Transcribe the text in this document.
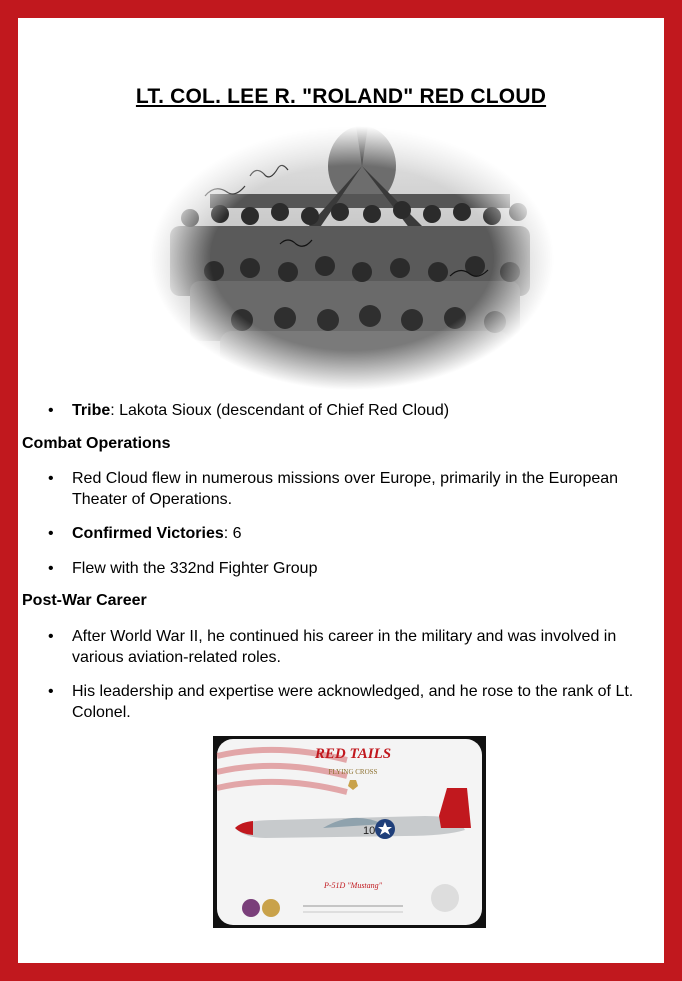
LT. COL. LEE R. "ROLAND" RED CLOUD
• Tribe: Lakota Sioux (descendant of Chief Red Cloud)
Combat Operations
• Red Cloud flew in numerous missions over Europe, primarily in the European Theater of Operations.
• Confirmed Victories: 6
• Flew with the 332nd Fighter Group
Post-War Career
• After World War II, he continued his career in the military and was involved in various aviation-related roles.
• His leadership and expertise were acknowledged, and he rose to the rank of Lt. Colonel.
RED TAILS
FLYING CROSS
10
P-51D "Mustang"
